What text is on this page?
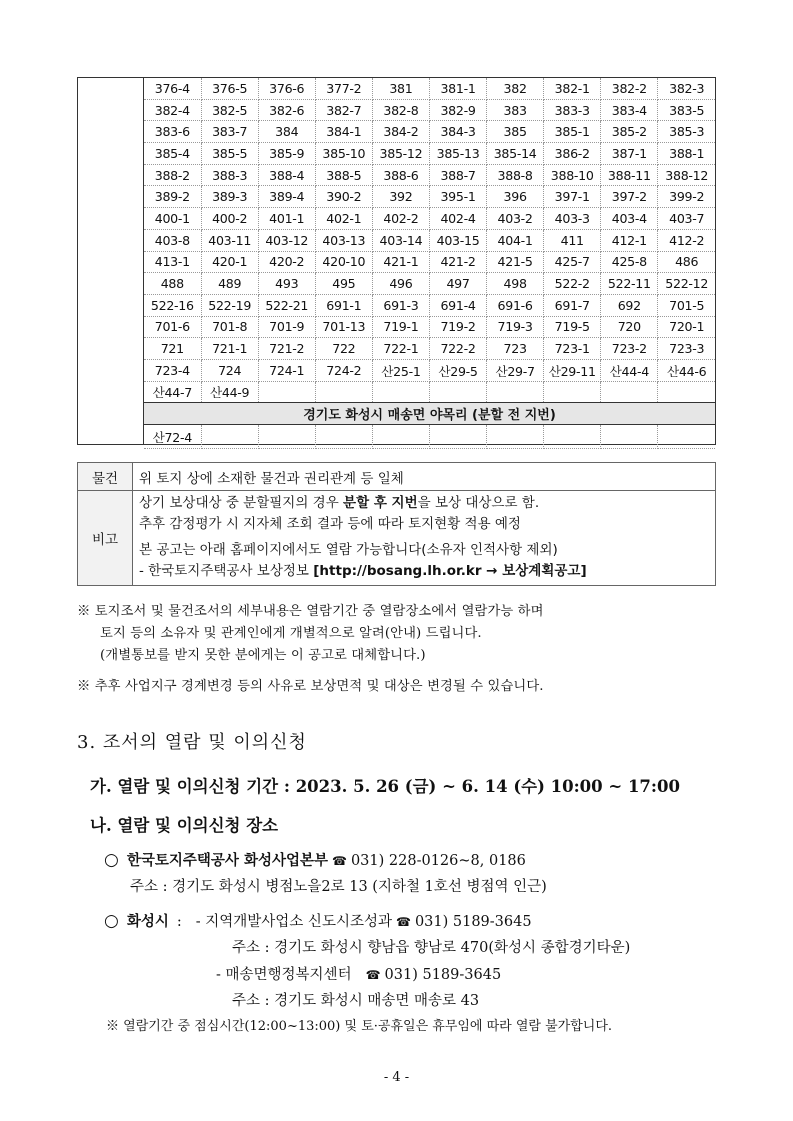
376-4	376-5	376-6	377-2	381	381-1	382	382-1	382-2	382-3
382-4	382-5	382-6	382-7	382-8	382-9	383	383-3	383-4	383-5
383-6	383-7	384	384-1	384-2	384-3	385	385-1	385-2	385-3
385-4	385-5	385-9	385-10	385-12	385-13	385-14	386-2	387-1	388-1
388-2	388-3	388-4	388-5	388-6	388-7	388-8	388-10	388-11	388-12
389-2	389-3	389-4	390-2	392	395-1	396	397-1	397-2	399-2
400-1	400-2	401-1	402-1	402-2	402-4	403-2	403-3	403-4	403-7
403-8	403-11	403-12	403-13	403-14	403-15	404-1	411	412-1	412-2
413-1	420-1	420-2	420-10	421-1	421-2	421-5	425-7	425-8	486
488	489	493	495	496	497	498	522-2	522-11	522-12
522-16	522-19	522-21	691-1	691-3	691-4	691-6	691-7	692	701-5
701-6	701-8	701-9	701-13	719-1	719-2	719-3	719-5	720	720-1
721	721-1	721-2	722	722-1	722-2	723	723-1	723-2	723-3
723-4	724	724-1	724-2	산25-1	산29-5	산29-7	산29-11	산44-4	산44-6
산44-7	산44-9								
경기도 화성시 매송면 야목리 (분할 전 지번)									
산72-4									
물건	위 토지 상에 소재한 물건과 권리관계 등 일체
비고	상기 보상대상 중 분할필지의 경우 분할 후 지번을 보상 대상으로 함.
추후 감정평가 시 지자체 조회 결과 등에 따라 토지현황 적용 예정
본 공고는 아래 홈페이지에서도 열람 가능합니다(소유자 인적사항 제외)
- 한국토지주택공사 보상정보 [http://bosang.lh.or.kr → 보상계획공고]
※ 토지조서 및 물건조서의 세부내용은 열람기간 중 열람장소에서 열람가능 하며
토지 등의 소유자 및 관계인에게 개별적으로 알려(안내) 드립니다.
(개별통보를 받지 못한 분에게는 이 공고로 대체합니다.)
※ 추후 사업지구 경계변경 등의 사유로 보상면적 및 대상은 변경될 수 있습니다.
3. 조서의 열람 및 이의신청
가. 열람 및 이의신청 기간 : 2023. 5. 26 (금) ~ 6. 14 (수) 10:00 ~ 17:00
나. 열람 및 이의신청 장소
○ 한국토지주택공사 화성사업본부 ☎ 031) 228-0126~8, 0186
주소 : 경기도 화성시 병점노을2로 13 (지하철 1호선 병점역 인근)
○ 화성시 : - 지역개발사업소 신도시조성과 ☎ 031) 5189-3645
주소 : 경기도 화성시 향남읍 향남로 470(화성시 종합경기타운)
- 매송면행정복지센터 ☎ 031) 5189-3645
주소 : 경기도 화성시 매송면 매송로 43
※ 열람기간 중 점심시간(12:00~13:00) 및 토·공휴일은 휴무임에 따라 열람 불가합니다.
- 4 -
